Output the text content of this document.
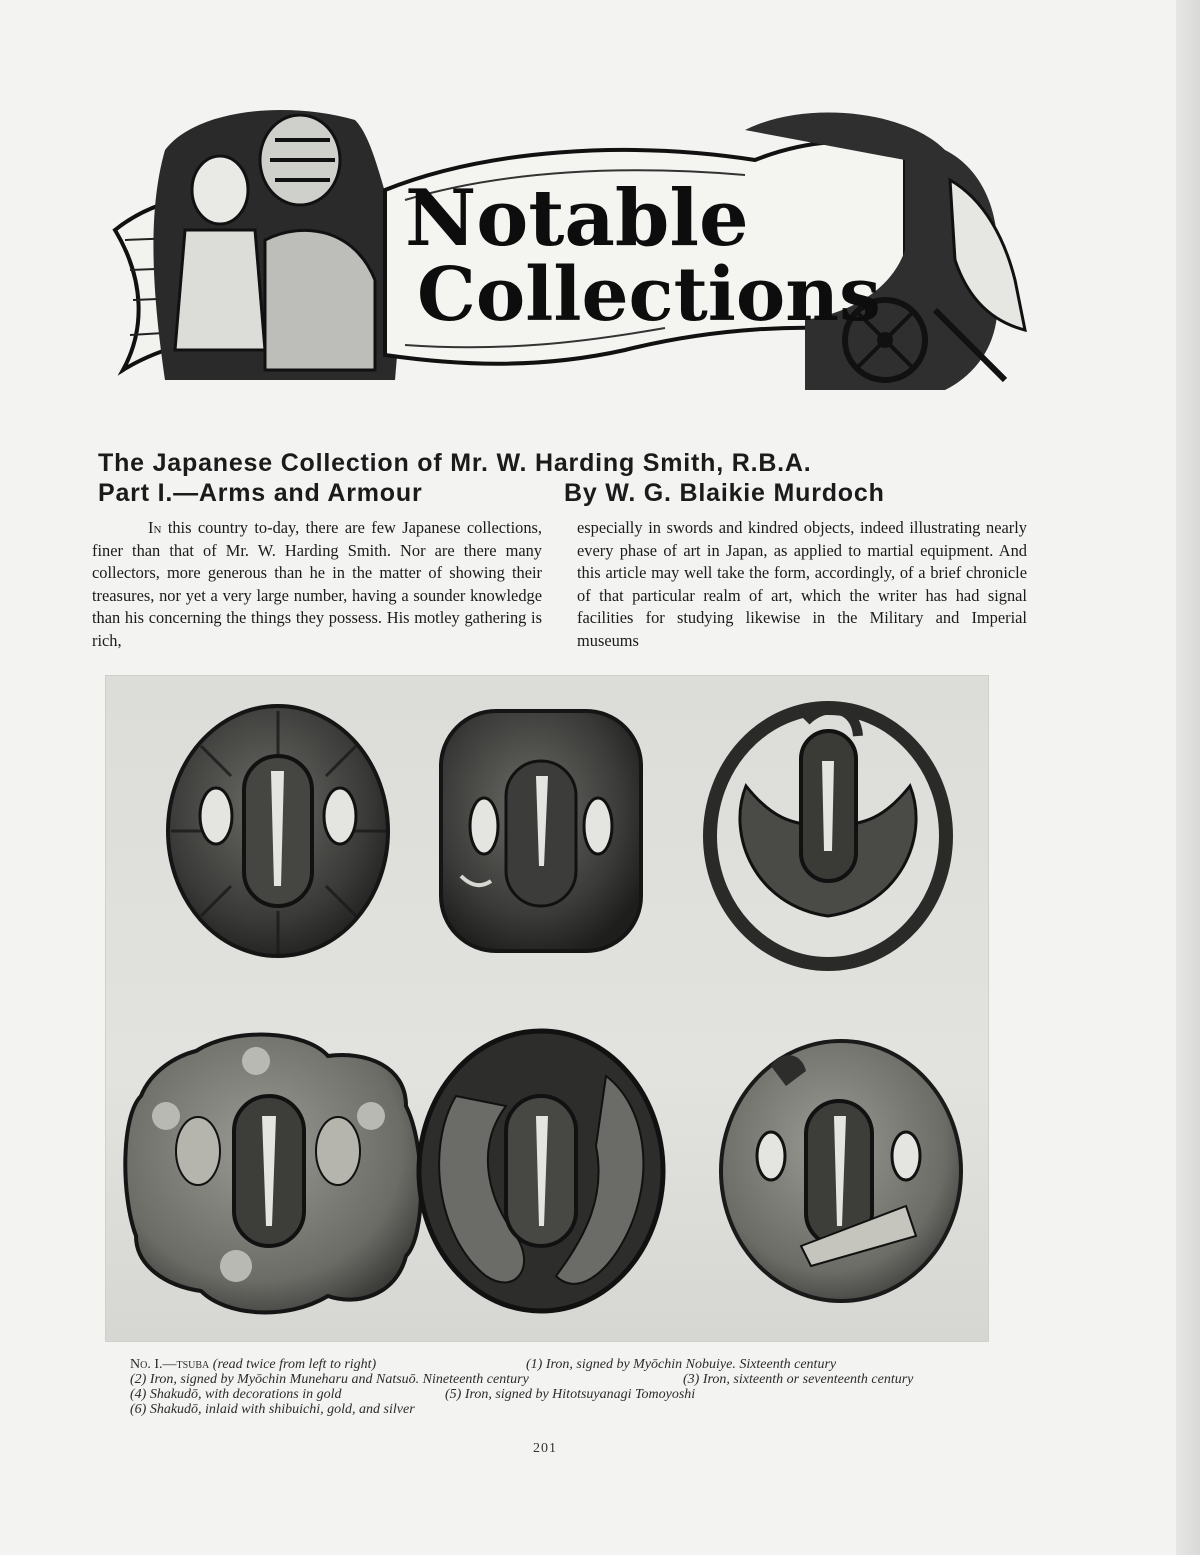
Notable
Collections
The Japanese Collection of Mr. W. Harding Smith, R.B.A.
Part I.—Arms and Armour	By W. G. Blaikie Murdoch
In this country to-day, there are few Japanese collections, finer than that of Mr. W. Harding Smith. Nor are there many collectors, more generous than he in the matter of showing their treasures, nor yet a very large number, having a sounder knowledge than his concerning the things they possess. His motley gathering is rich,
especially in swords and kindred objects, indeed illustrating nearly every phase of art in Japan, as applied to martial equipment. And this article may well take the form, accordingly, of a brief chronicle of that particular realm of art, which the writer has had signal facilities for studying likewise in the Military and Imperial museums
No. I.—tsuba (read twice from left to right)	(1) Iron, signed by Myōchin Nobuiye. Sixteenth century
(2) Iron, signed by Myōchin Muneharu and Natsuō. Nineteenth century	(3) Iron, sixteenth or seventeenth century
(4) Shakudō, with decorations in gold	(5) Iron, signed by Hitotsuyanagi Tomoyoshi
(6) Shakudō, inlaid with shibuichi, gold, and silver
201
